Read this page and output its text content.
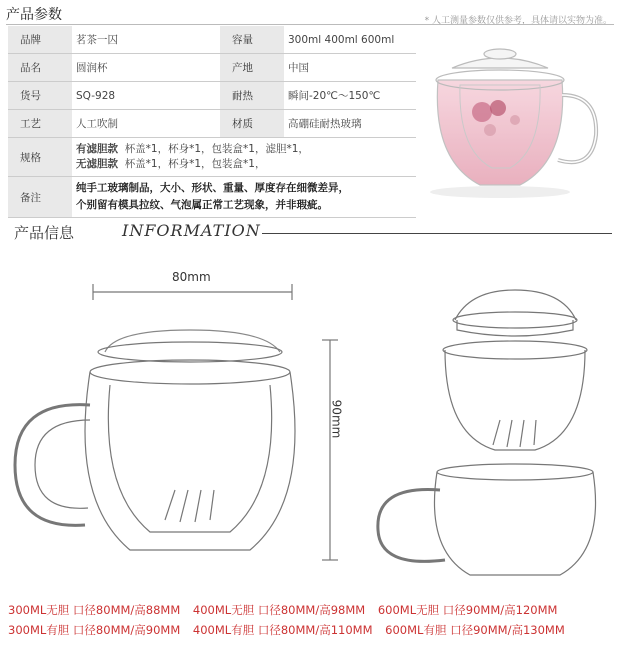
产品参数	* 人工测量参数仅供参考，具体请以实物为准。
品牌	茗茶一囚	容量	300ml 400ml 600ml
品名	圆润杯	产地	中国
货号	SQ-928	耐热	瞬间-20℃～150℃
工艺	人工吹制	材质	高硼硅耐热玻璃
规格	有滤胆款 杯盖*1，杯身*1，包装盒*1，滤胆*1，
无滤胆款 杯盖*1，杯身*1，包装盒*1，		
备注	纯手工玻璃制品，大小、形状、重量、厚度存在细微差异，
个别留有模具拉纹、气泡属正常工艺现象，并非瑕疵。		
产品信息	INFORMATION
80mm
90mm
300ML无胆 口径80MM/高88MM 400ML无胆 口径80MM/高98MM 600ML无胆 口径90MM/高120MM
300ML有胆 口径80MM/高90MM 400ML有胆 口径80MM/高110MM 600ML有胆 口径90MM/高130MM
